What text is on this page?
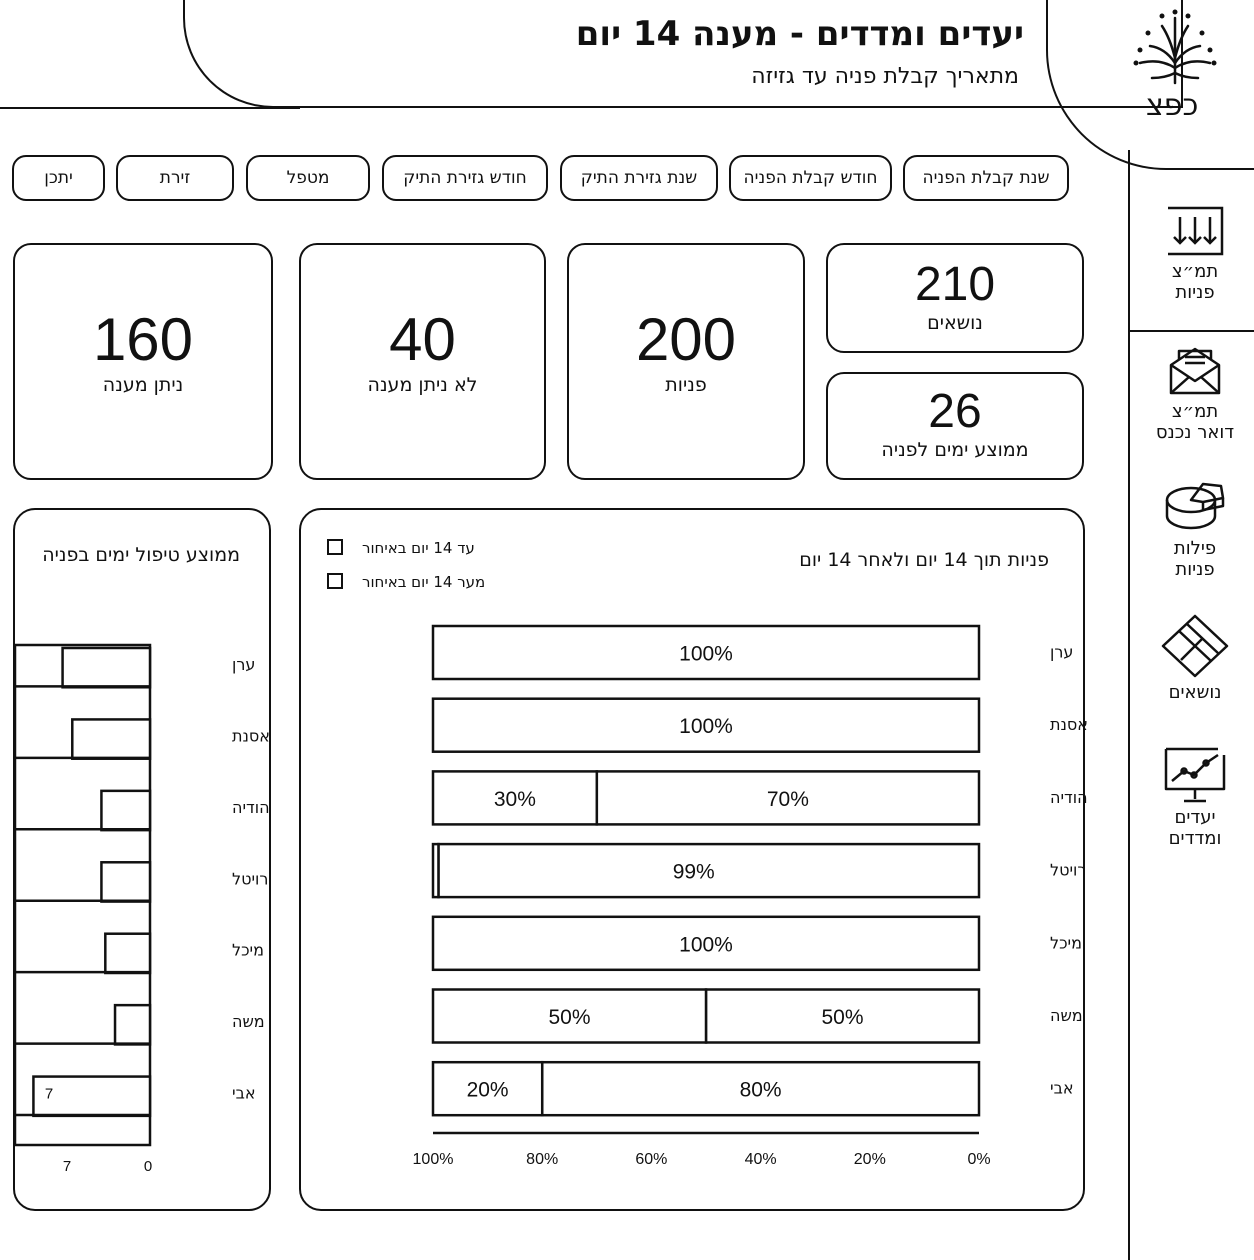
יעדים ומדדים - מענה 14 יום
מתאריך קבלת פניה עד גזיזה
כפצ
תמ״צ
פניות
תמ״צ
דואר נכנס
פילות
פניות
נושאים
יעדים
ומדדים
שנת קבלת הפניה
חודש קבלת הפניה
שנת גזירת התיק
חודש גזירת התיק
מטפל
זירת
יתכן
210
נושאים
26
ממוצע ימים לפניה
200
פניות
40
לא ניתן מענה
160
ניתן מענה
פניות תוך 14 יום ולאחר 14 יום
עד 14 יום באיחור
מער 14 יום באיחור
100%	ערן
100%	אסנת
70%
30%	הודיה
99%	רויטל
100%	מיכל
50%
50%	משה
80%
20%	אבי
0%
20%
40%
60%
80%
100%
ממוצע טיפול ימים בפניה
ערן
אסנת
הודיה
רויטל
מיכל
משה
אבי
7
0
7
